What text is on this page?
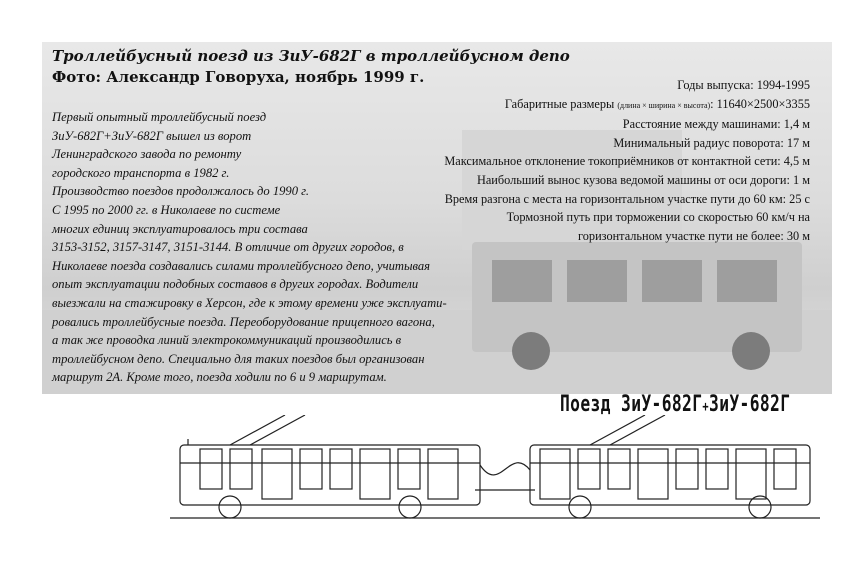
Троллейбусный поезд из ЗиУ-682Г в троллейбусном депо
Фото: Александр Говоруха, ноябрь 1999 г.	Годы выпуска: 1994-1995
Габаритные размеры (длина × ширина × высота): 11640×2500×3355
Расстояние между машинами: 1,4 м
Минимальный радиус поворота: 17 м
Максимальное отклонение токоприёмников от контактной сети: 4,5 м
Наибольший вынос кузова ведомой машины от оси дороги: 1 м
Время разгона с места на горизонтальном участке пути до 60 км: 25 с
Тормозной путь при торможении со скоростью 60 км/ч на
горизонтальном участке пути не более: 30 м
Первый опытный троллейбусный поезд
ЗиУ-682Г+ЗиУ-682Г вышел из ворот
Ленинградского завода по ремонту
городского транспорта в 1982 г.
Производство поездов продолжалось до 1990 г.
С 1995 по 2000 гг. в Николаеве по системе
многих единиц эксплуатировалось три состава
3153-3152, 3157-3147, 3151-3144. В отличие от других городов, в
Николаеве поезда создавались силами троллейбусного депо, учитывая
опыт эксплуатации подобных составов в других городах. Водители
выезжали на стажировку в Херсон, где к этому времени уже эксплуати-
ровались троллейбусные поезда. Переоборудование прицепного вагона,
а так же проводка линий электрокоммуникаций производились в
троллейбусном депо. Специально для таких поездов был организован
маршрут 2А. Кроме того, поезда ходили по 6 и 9 маршрутам.
Поезд ЗиУ-682Г+ЗиУ-682Г
